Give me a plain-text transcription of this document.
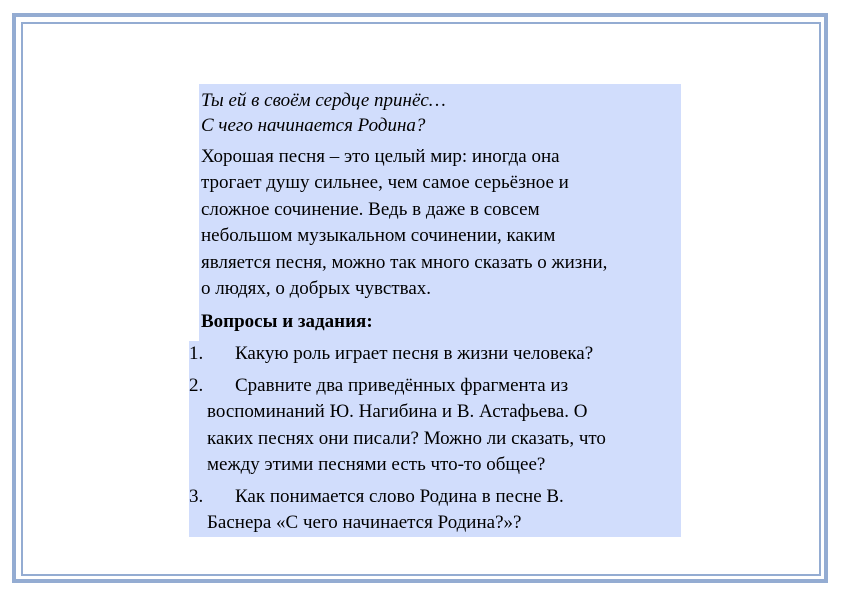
Ты ей в своём сердце принёс…
С чего начинается Родина?
Хорошая песня – это целый мир: иногда она
трогает душу сильнее, чем самое серьёзное и
сложное сочинение. Ведь в даже в совсем
небольшом музыкальном сочинении, каким
является песня, можно так много сказать о жизни,
о людях, о добрых чувствах.
Вопросы и задания:
1.	Какую роль играет песня в жизни человека?
2.	Сравните два приведённых фрагмента из
воспоминаний Ю. Нагибина и В. Астафьева. О
каких песнях они писали? Можно ли сказать, что
между этими песнями есть что-то общее?
3.	Как понимается слово Родина в песне В.
Баснера «С чего начинается Родина?»?
